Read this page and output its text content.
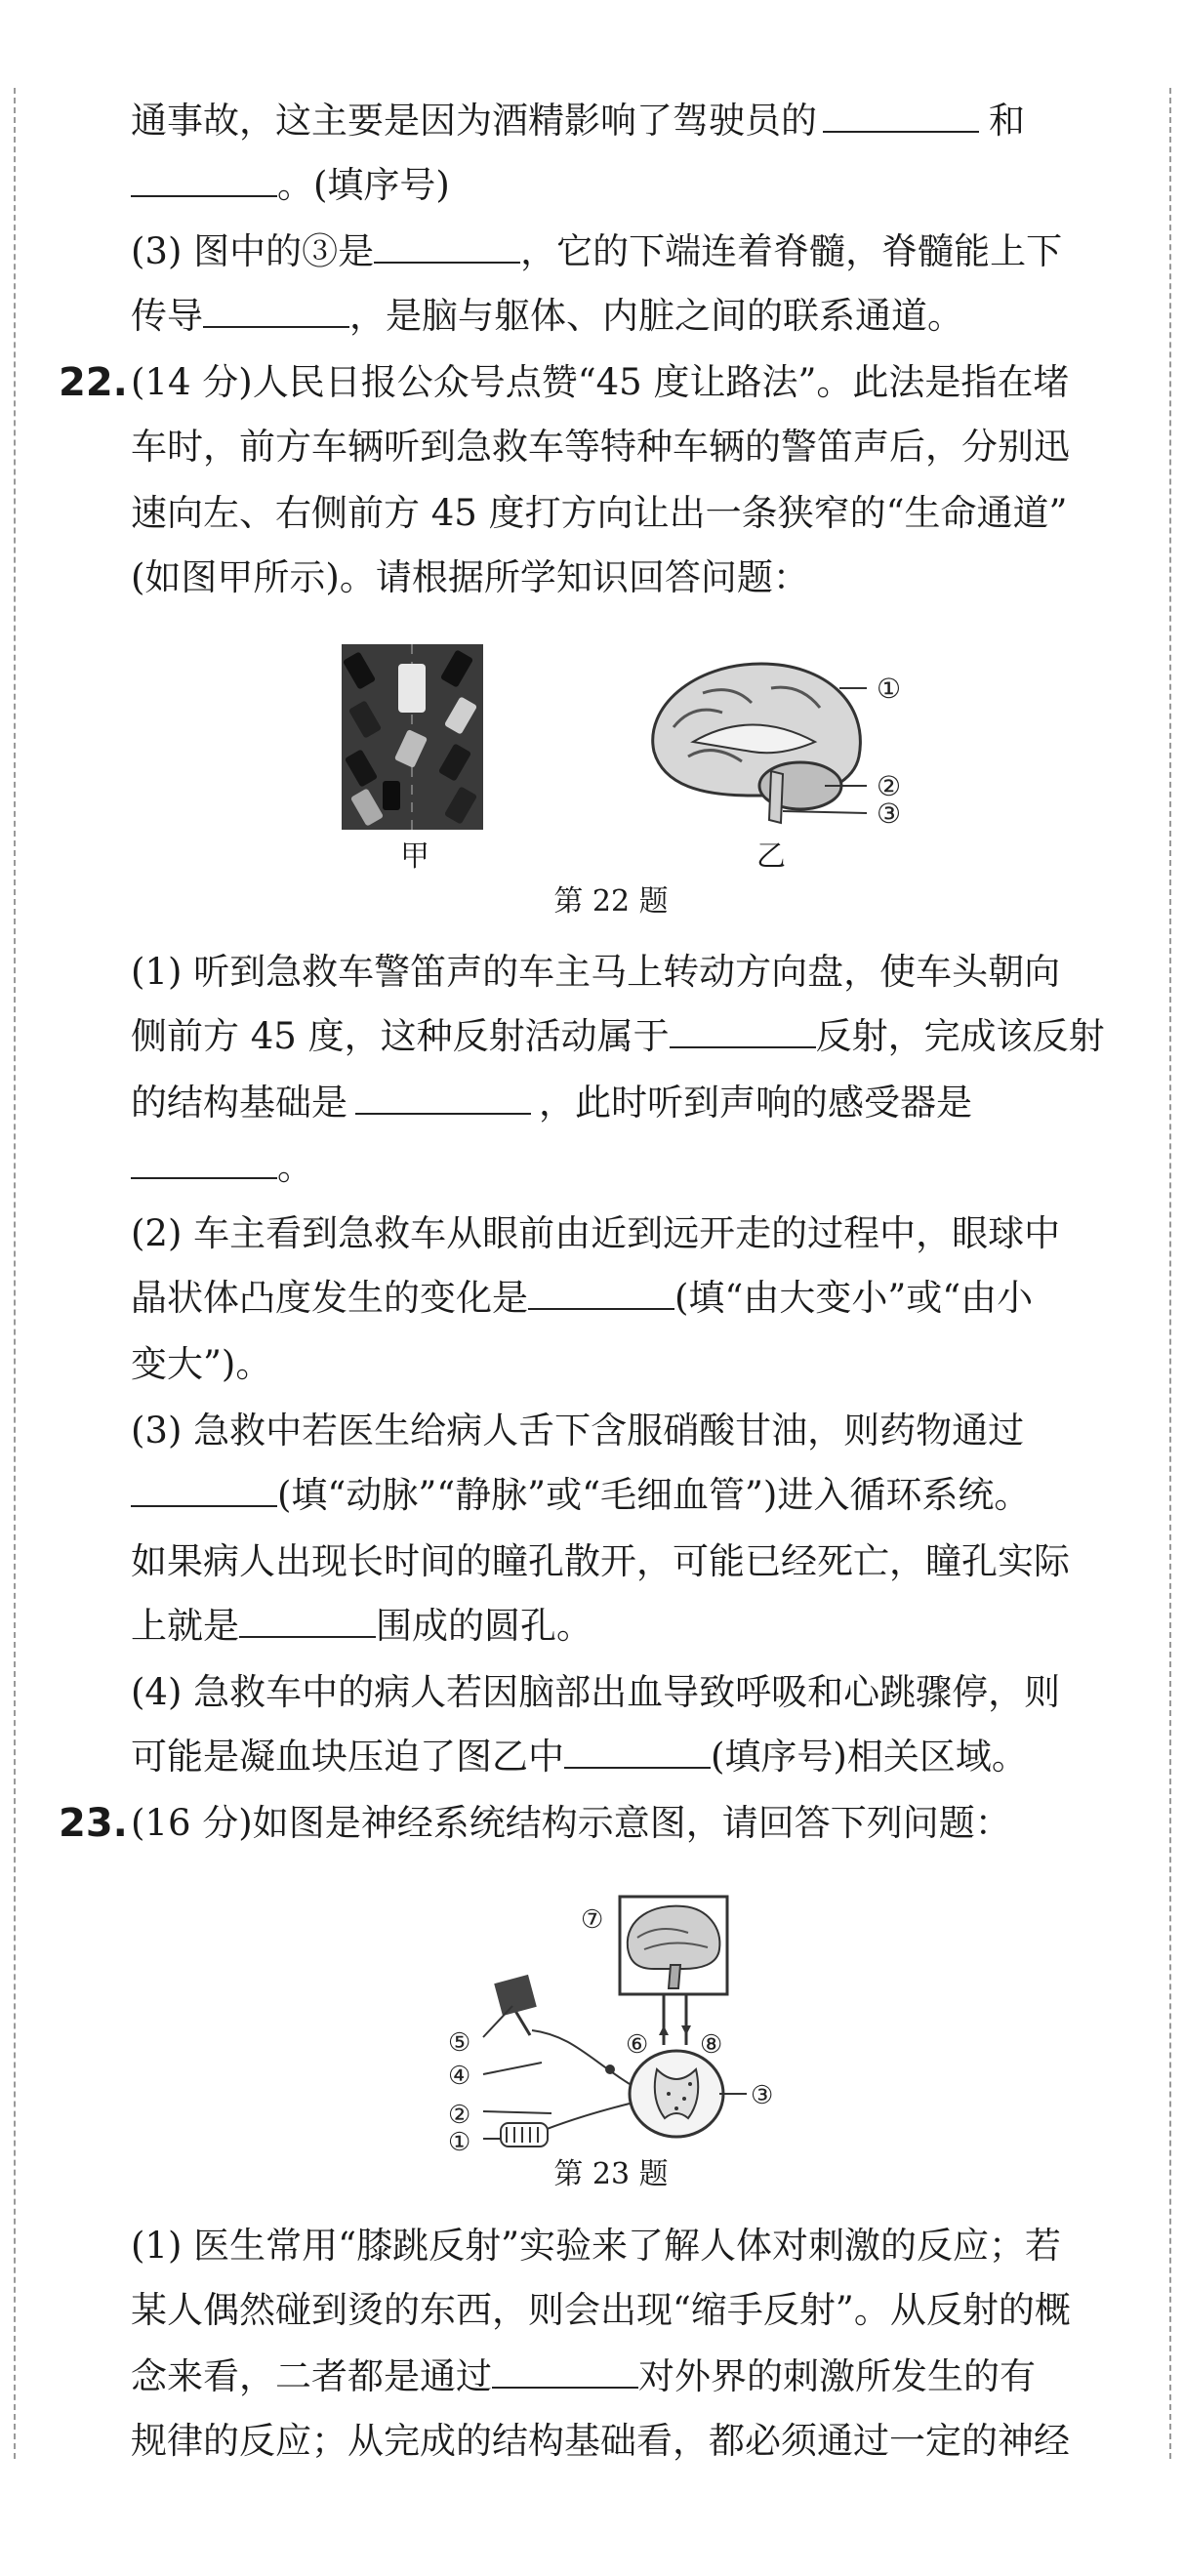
通事故，这主要是因为酒精影响了驾驶员的	和
。(填序号)
(3) 图中的③是	，它的下端连着脊髓，脊髓能上下
传导	，是脑与躯体、内脏之间的联系通道。
22. (14 分)人民日报公众号点赞“45 度让路法”。此法是指在堵
车时，前方车辆听到急救车等特种车辆的警笛声后，分别迅
速向左、右侧前方 45 度打方向让出一条狭窄的“生命通道”
(如图甲所示)。请根据所学知识回答问题：
甲
①
②
③
乙
第 22 题
(1) 听到急救车警笛声的车主马上转动方向盘，使车头朝向
侧前方 45 度，这种反射活动属于	反射，完成该反射
的结构基础是	，此时听到声响的感受器是
。
(2) 车主看到急救车从眼前由近到远开走的过程中，眼球中
晶状体凸度发生的变化是	(填“由大变小”或“由小
变大”)。
(3) 急救中若医生给病人舌下含服硝酸甘油，则药物通过
(填“动脉”“静脉”或“毛细血管”)进入循环系统。
如果病人出现长时间的瞳孔散开，可能已经死亡，瞳孔实际
上就是	围成的圆孔。
(4) 急救车中的病人若因脑部出血导致呼吸和心跳骤停，则
可能是凝血块压迫了图乙中	(填序号)相关区域。
23. (16 分)如图是神经系统结构示意图，请回答下列问题：
⑤
④
②
①
⑦
⑥ ⑧
③
第 23 题
(1) 医生常用“膝跳反射”实验来了解人体对刺激的反应；若
某人偶然碰到烫的东西，则会出现“缩手反射”。从反射的概
念来看，二者都是通过	对外界的刺激所发生的有
规律的反应；从完成的结构基础看，都必须通过一定的神经
